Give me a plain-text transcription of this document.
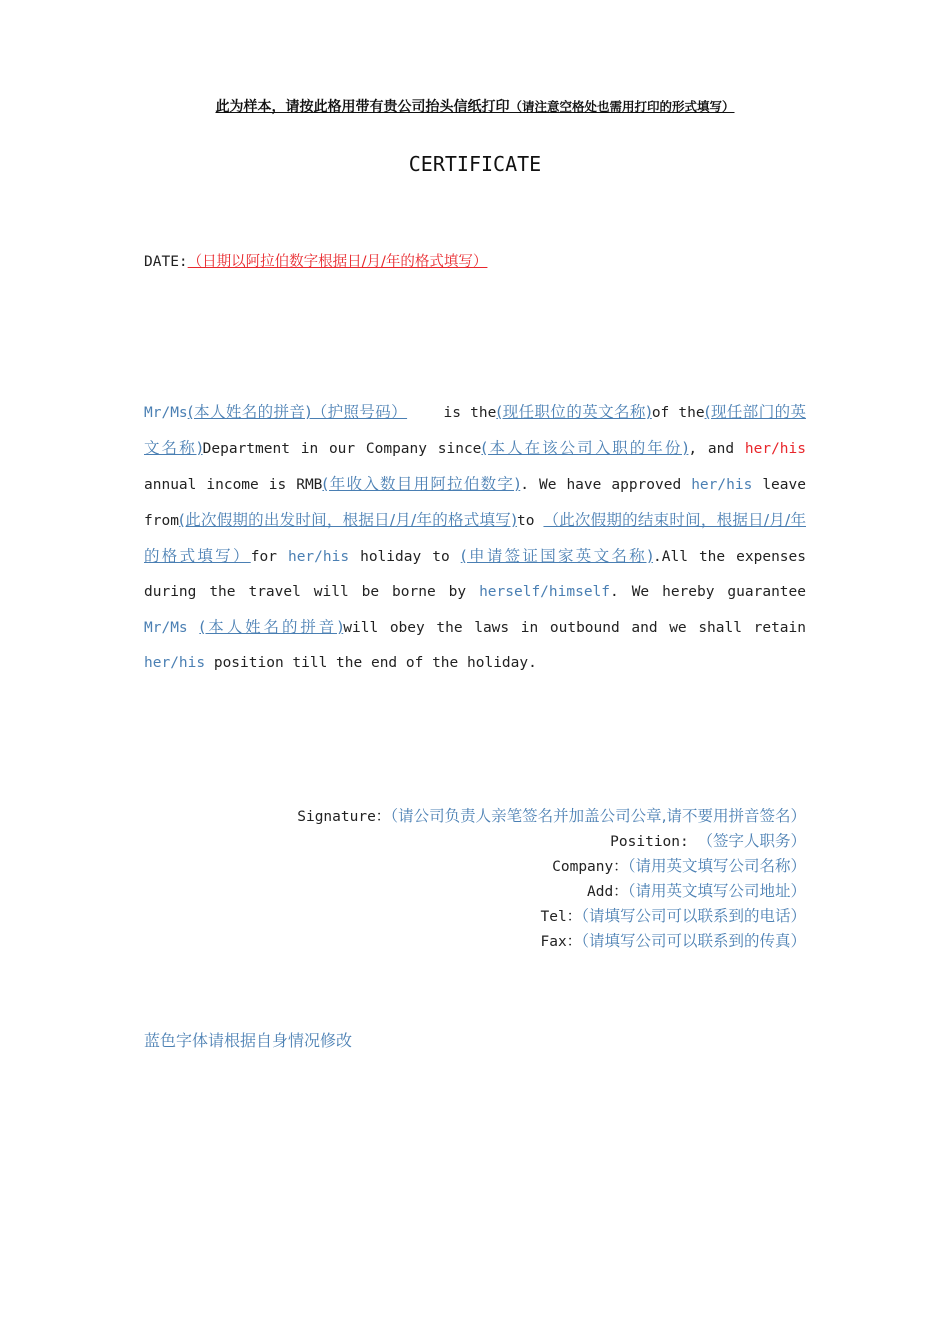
此为样本，请按此格用带有贵公司抬头信纸打印（请注意空格处也需用打印的形式填写）
CERTIFICATE
DATE:（日期以阿拉伯数字根据日/月/年的格式填写）
Mr/Ms(本人姓名的拼音)（护照号码）    is the(现任职位的英文名称)of the(现任部门的英文名称)Department in our Company since(本人在该公司入职的年份), and her/his annual income is RMB(年收入数目用阿拉伯数字). We have approved her/his leave from(此次假期的出发时间，根据日/月/年的格式填写)to （此次假期的结束时间，根据日/月/年的格式填写）for her/his holiday to (申请签证国家英文名称).All the expenses during the travel will be borne by herself/himself. We hereby guarantee Mr/Ms (本人姓名的拼音)will obey the laws in outbound and we shall retain her/his position till the end of the holiday.
Signature：（请公司负责人亲笔签名并加盖公司公章,请不要用拼音签名）
Position: （签字人职务）
Company：（请用英文填写公司名称）
Add：（请用英文填写公司地址）
Tel：（请填写公司可以联系到的电话）
Fax：（请填写公司可以联系到的传真）
蓝色字体请根据自身情况修改
